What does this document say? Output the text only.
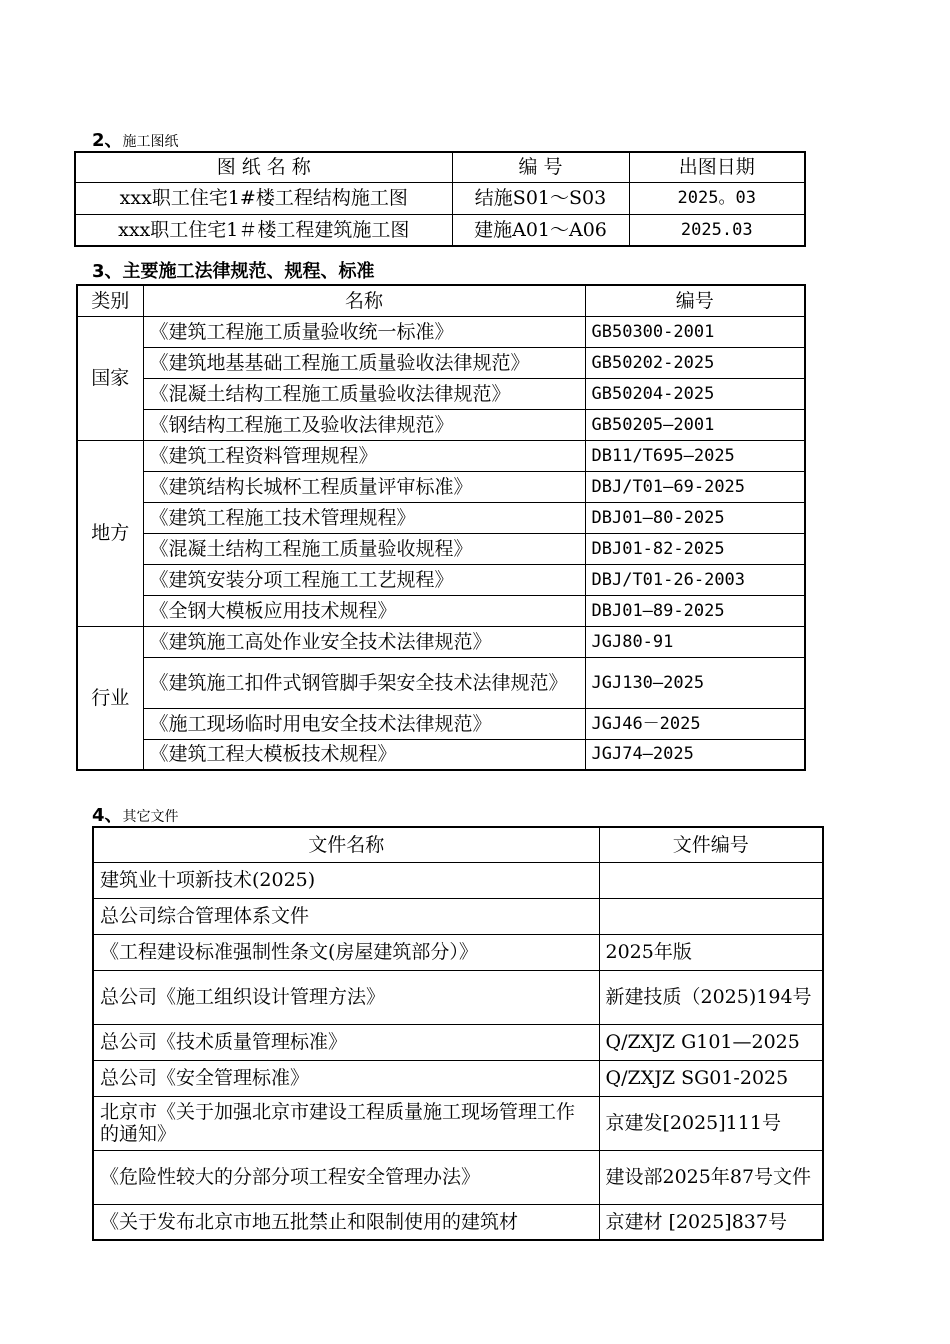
2、施工图纸
图 纸 名 称	编 号	出图日期
xxx职工住宅1#楼工程结构施工图	结施S01～S03	2025。03
xxx职工住宅1＃楼工程建筑施工图	建施A01～A06	2025.03
3、主要施工法律规范、规程、标准
类别	名称	编号
国家	《建筑工程施工质量验收统一标准》	GB50300-2001
	《建筑地基基础工程施工质量验收法律规范》	GB50202-2025
	《混凝土结构工程施工质量验收法律规范》	GB50204-2025
	《钢结构工程施工及验收法律规范》	GB50205—2001
地方	《建筑工程资料管理规程》	DB11/T695—2025
	《建筑结构长城杯工程质量评审标准》	DBJ/T01—69-2025
	《建筑工程施工技术管理规程》	DBJ01—80-2025
	《混凝土结构工程施工质量验收规程》	DBJ01-82-2025
	《建筑安装分项工程施工工艺规程》	DBJ/T01-26-2003
	《全钢大模板应用技术规程》	DBJ01—89-2025
行业	《建筑施工高处作业安全技术法律规范》	JGJ80-91
	《建筑施工扣件式钢管脚手架安全技术法律规范》	JGJ130—2025
	《施工现场临时用电安全技术法律规范》	JGJ46－2025
	《建筑工程大模板技术规程》	JGJ74—2025
4、其它文件
文件名称	文件编号
建筑业十项新技术(2025)	
总公司综合管理体系文件	
《工程建设标准强制性条文(房屋建筑部分）》	2025年版
总公司《施工组织设计管理方法》	新建技质（2025)194号
总公司《技术质量管理标准》	Q/ZXJZ G101—2025
总公司《安全管理标准》	Q/ZXJZ SG01-2025
北京市《关于加强北京市建设工程质量施工现场管理工作的通知》	京建发[2025]111号
《危险性较大的分部分项工程安全管理办法》	建设部2025年87号文件
《关于发布北京市地五批禁止和限制使用的建筑材	京建材 [2025]837号
